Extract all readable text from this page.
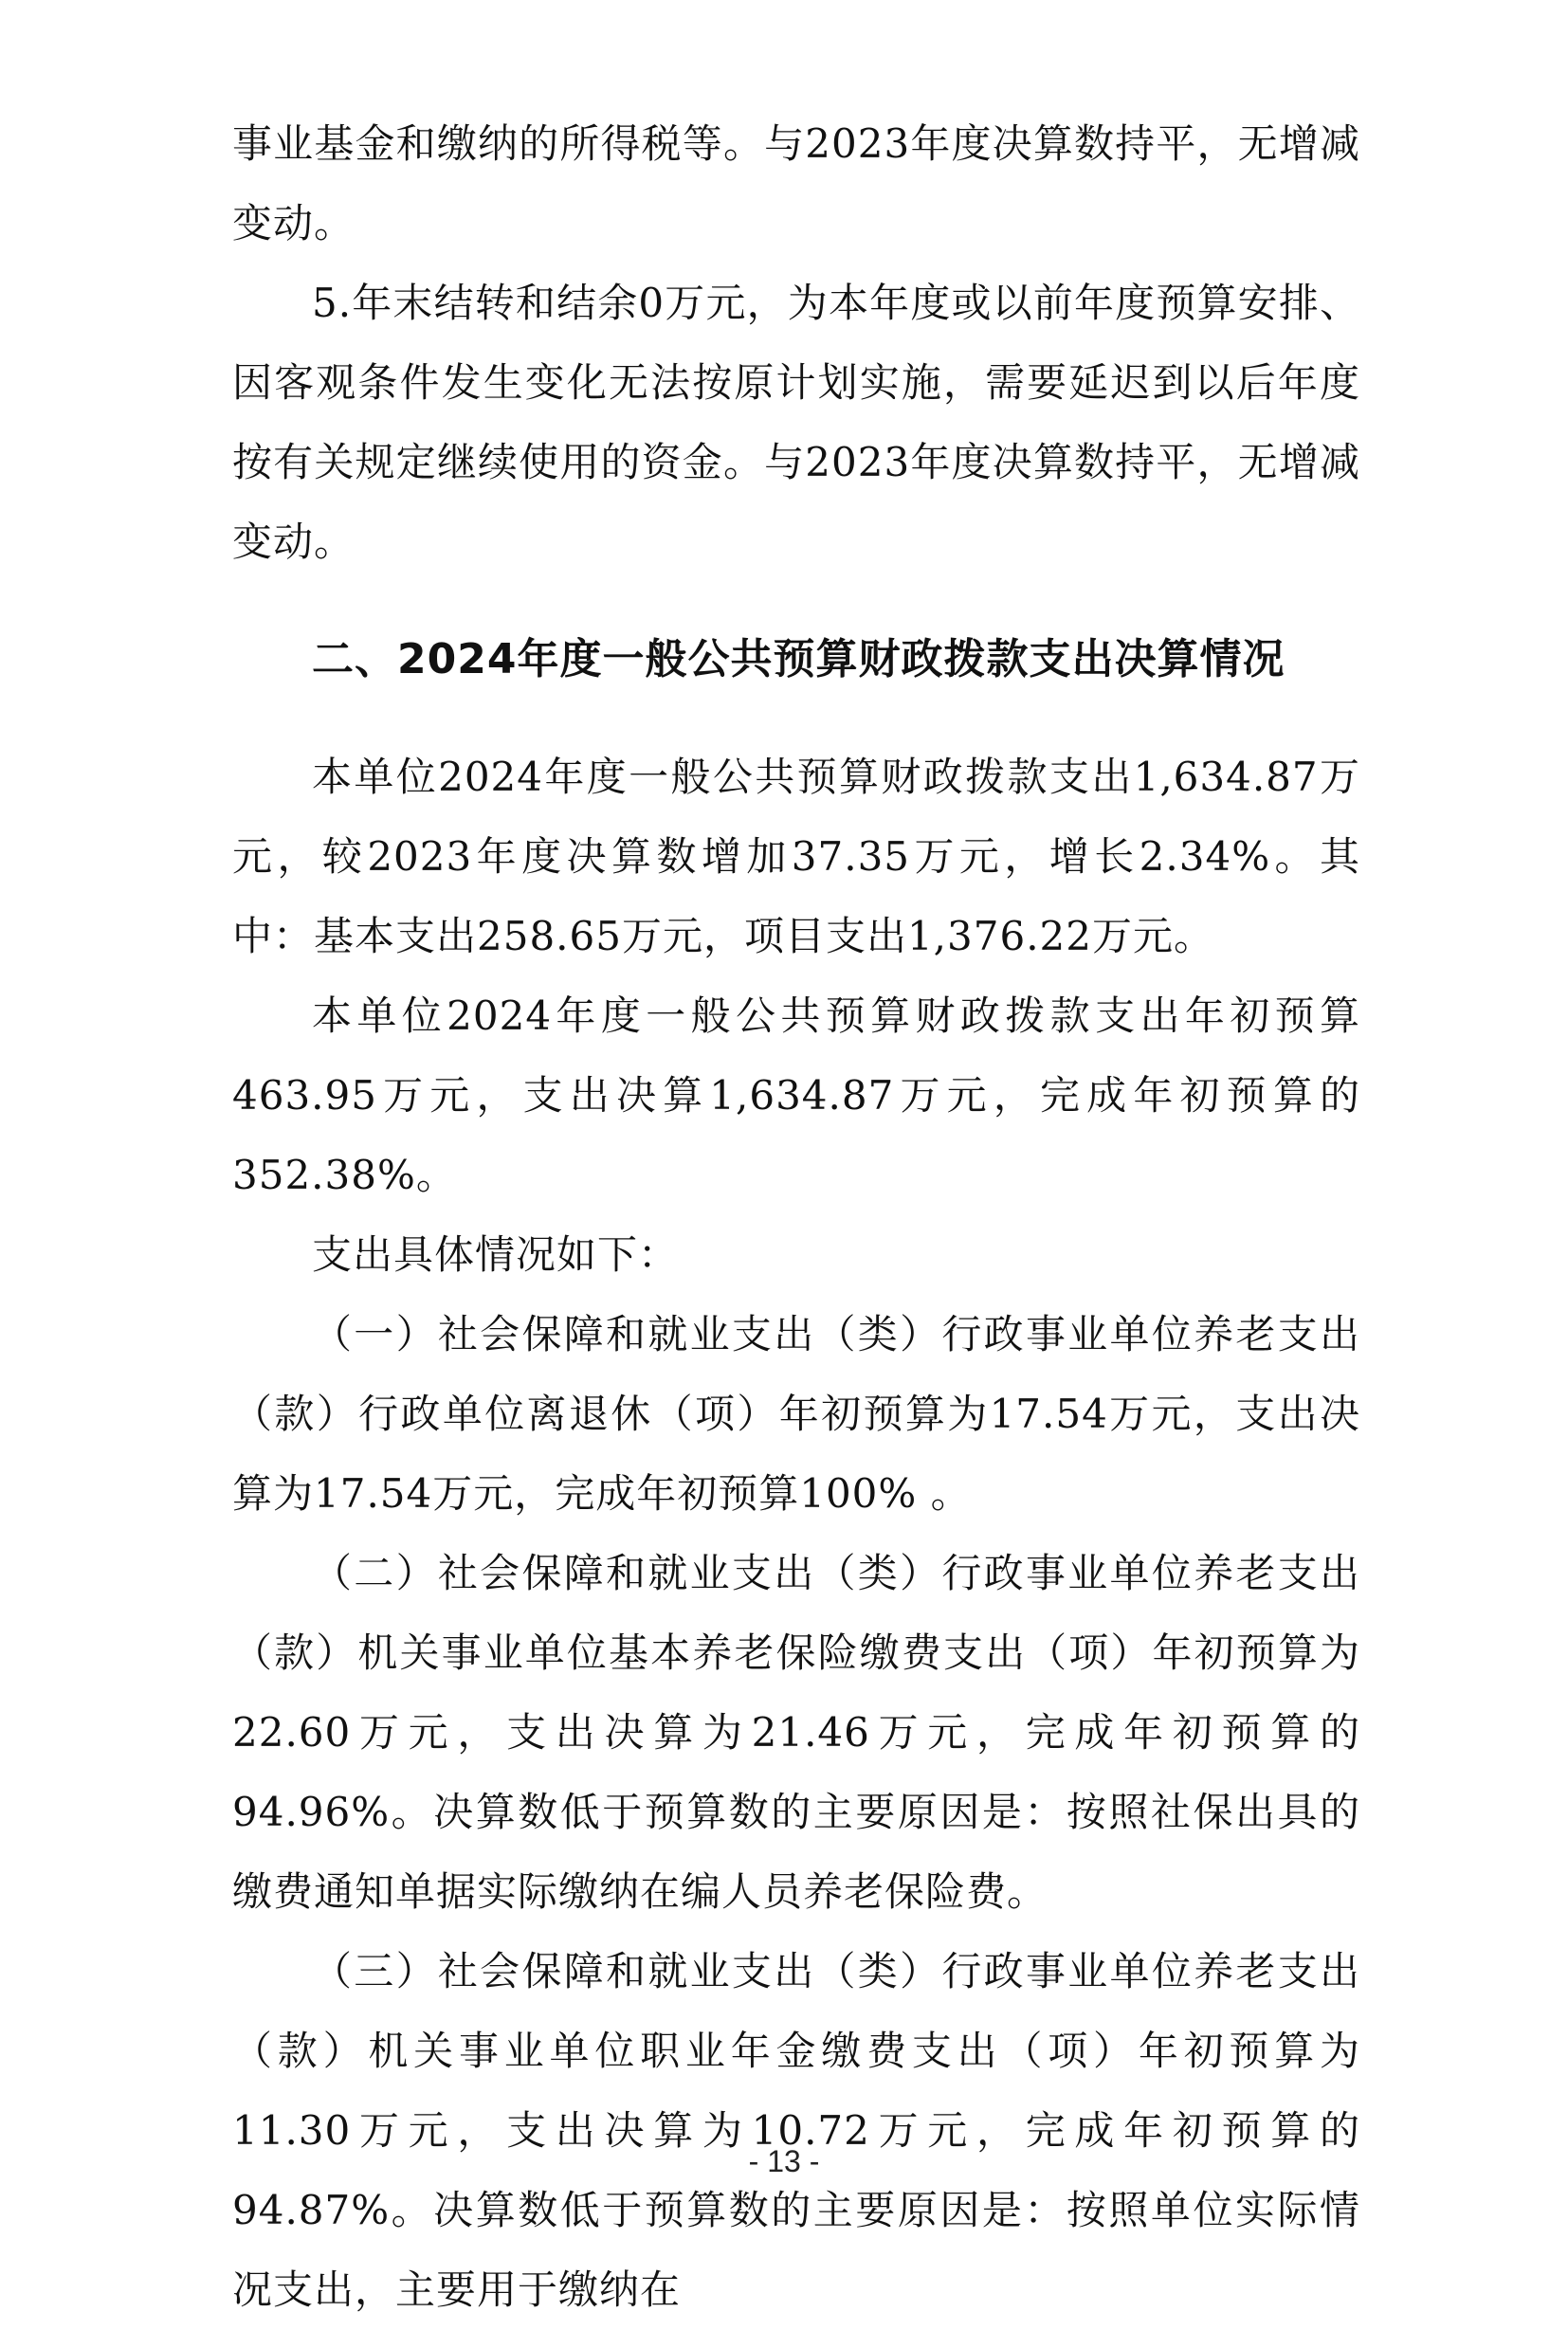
事业基金和缴纳的所得税等。与2023年度决算数持平，无增减变动。

5.年末结转和结余0万元，为本年度或以前年度预算安排、因客观条件发生变化无法按原计划实施，需要延迟到以后年度按有关规定继续使用的资金。与2023年度决算数持平，无增减变动。

二、2024年度一般公共预算财政拨款支出决算情况

本单位2024年度一般公共预算财政拨款支出1,634.87万元，较2023年度决算数增加37.35万元，增长2.34%。其中：基本支出258.65万元，项目支出1,376.22万元。

本单位2024年度一般公共预算财政拨款支出年初预算463.95万元，支出决算1,634.87万元，完成年初预算的352.38%。

支出具体情况如下：

（一）社会保障和就业支出（类）行政事业单位养老支出（款）行政单位离退休（项）年初预算为17.54万元，支出决算为17.54万元，完成年初预算100% 。

（二）社会保障和就业支出（类）行政事业单位养老支出（款）机关事业单位基本养老保险缴费支出（项）年初预算为22.60万元，支出决算为21.46万元，完成年初预算的94.96%。决算数低于预算数的主要原因是：按照社保出具的缴费通知单据实际缴纳在编人员养老保险费。

（三）社会保障和就业支出（类）行政事业单位养老支出（款）机关事业单位职业年金缴费支出（项）年初预算为11.30万元，支出决算为10.72万元，完成年初预算的94.87%。决算数低于预算数的主要原因是：按照单位实际情况支出，主要用于缴纳在

- 13 -
